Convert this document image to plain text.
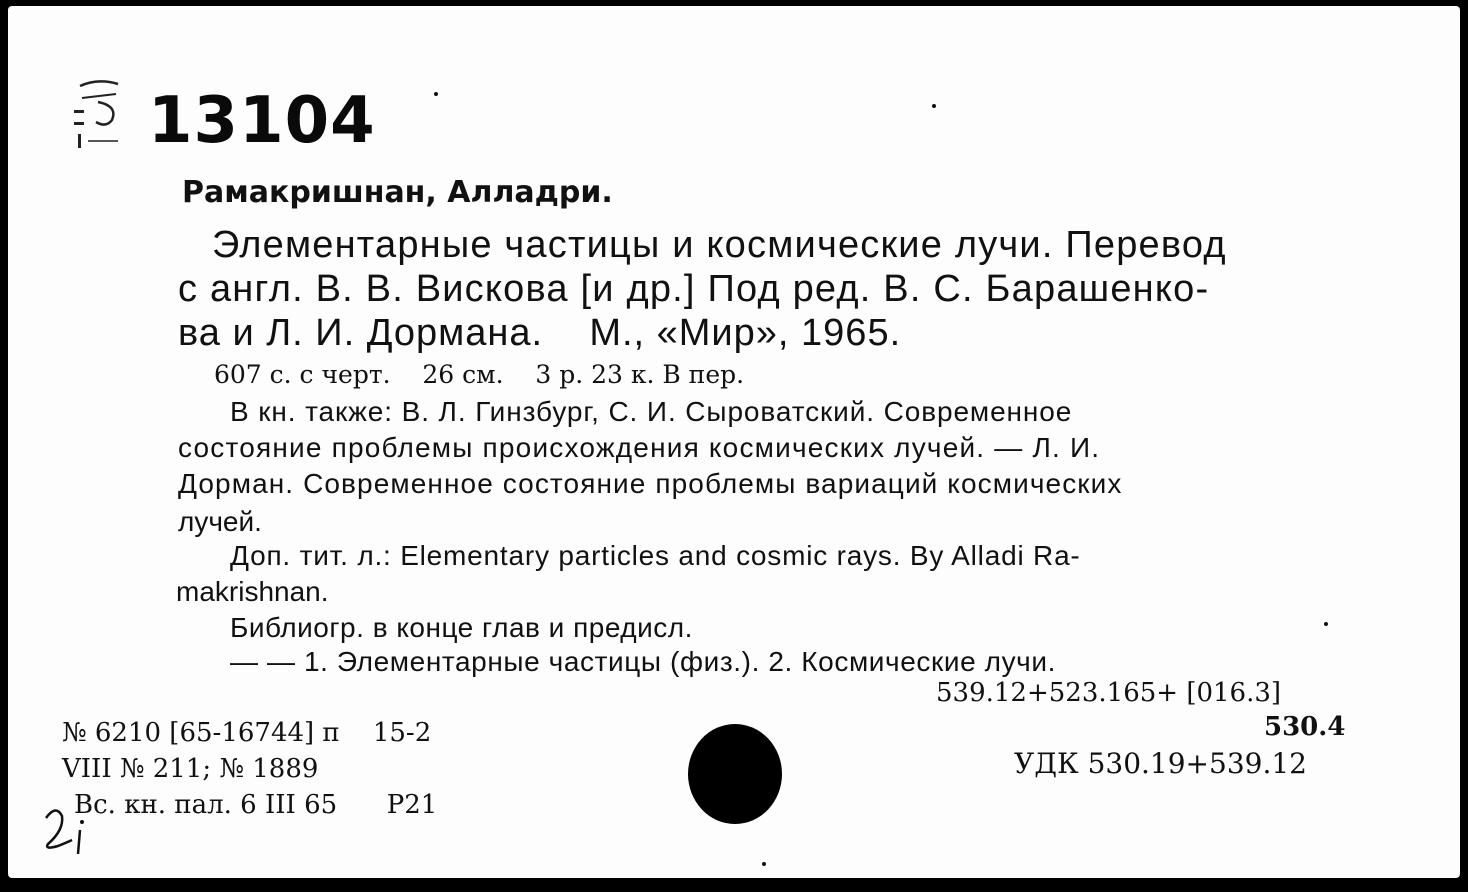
13104
Рамакришнан, Алладри.
Элементарные частицы и космические лучи. Перевод
с англ. В. В. Вискова [и др.] Под ред. В. С. Барашенко-
ва и Л. И. Дормана.    М., «Мир», 1965.
607 с. с черт.    26 см.    3 р. 23 к. В пер.
В кн. также: В. Л. Гинзбург, С. И. Сыроватский. Современное
состояние проблемы происхождения космических лучей. — Л. И.
Дорман. Современное состояние проблемы вариаций космических
лучей.
Доп. тит. л.: Elementary particles and cosmic rays. By Alladi Ra-
makrishnan.
Библиогр. в конце глав и предисл.
— — 1. Элементарные частицы (физ.). 2. Космические лучи.
539.12+523.165+ [016.3]
530.4
УДК 530.19+539.12
№ 6210 [65-16744] п    15-2
VIII № 211; № 1889
Вс. кн. пал. 6 III 65      Р21
